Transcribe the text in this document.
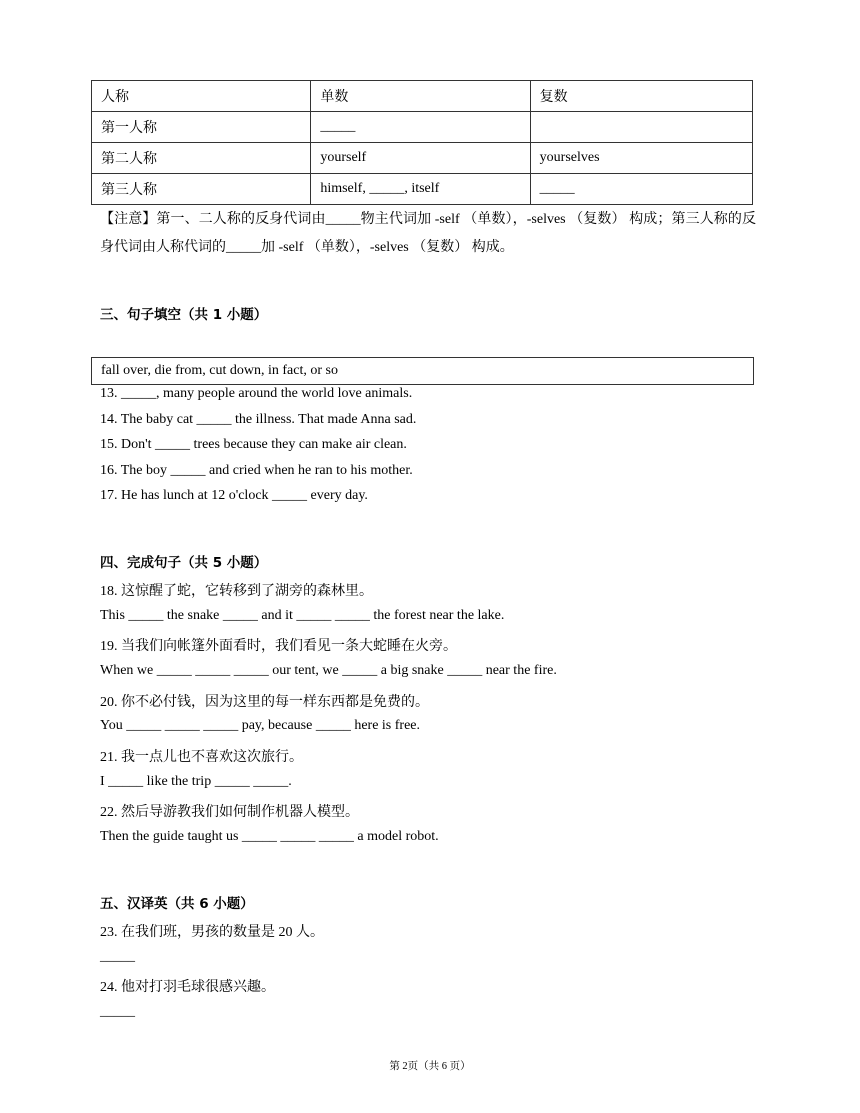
人称	单数	复数
第一人称	_____	
第二人称	yourself	yourselves
第三人称	himself, _____, itself	_____
【注意】第一、二人称的反身代词由_____物主代词加 -self （单数），-selves （复数） 构成；第三人称的反身代词由人称代词的_____加 -self （单数），-selves （复数） 构成。
三、句子填空（共 1 小题）
fall over, die from, cut down, in fact, or so
13. _____, many people around the world love animals.
14. The baby cat _____ the illness. That made Anna sad.
15. Don't _____ trees because they can make air clean.
16. The boy _____ and cried when he ran to his mother.
17. He has lunch at 12 o'clock _____ every day.
四、完成句子（共 5 小题）
18. 这惊醒了蛇，它转移到了湖旁的森林里。
This _____ the snake _____ and it _____ _____ the forest near the lake.
19. 当我们向帐篷外面看时，我们看见一条大蛇睡在火旁。
When we _____ _____ _____ our tent, we _____ a big snake _____ near the fire.
20. 你不必付钱，因为这里的每一样东西都是免费的。
You _____ _____ _____ pay, because _____ here is free.
21. 我一点儿也不喜欢这次旅行。
I _____ like the trip _____ _____.
22. 然后导游教我们如何制作机器人模型。
Then the guide taught us _____ _____ _____ a model robot.
五、汉译英（共 6 小题）
23. 在我们班，男孩的数量是 20 人。
_____
24. 他对打羽毛球很感兴趣。
_____
第 2页（共 6 页）
